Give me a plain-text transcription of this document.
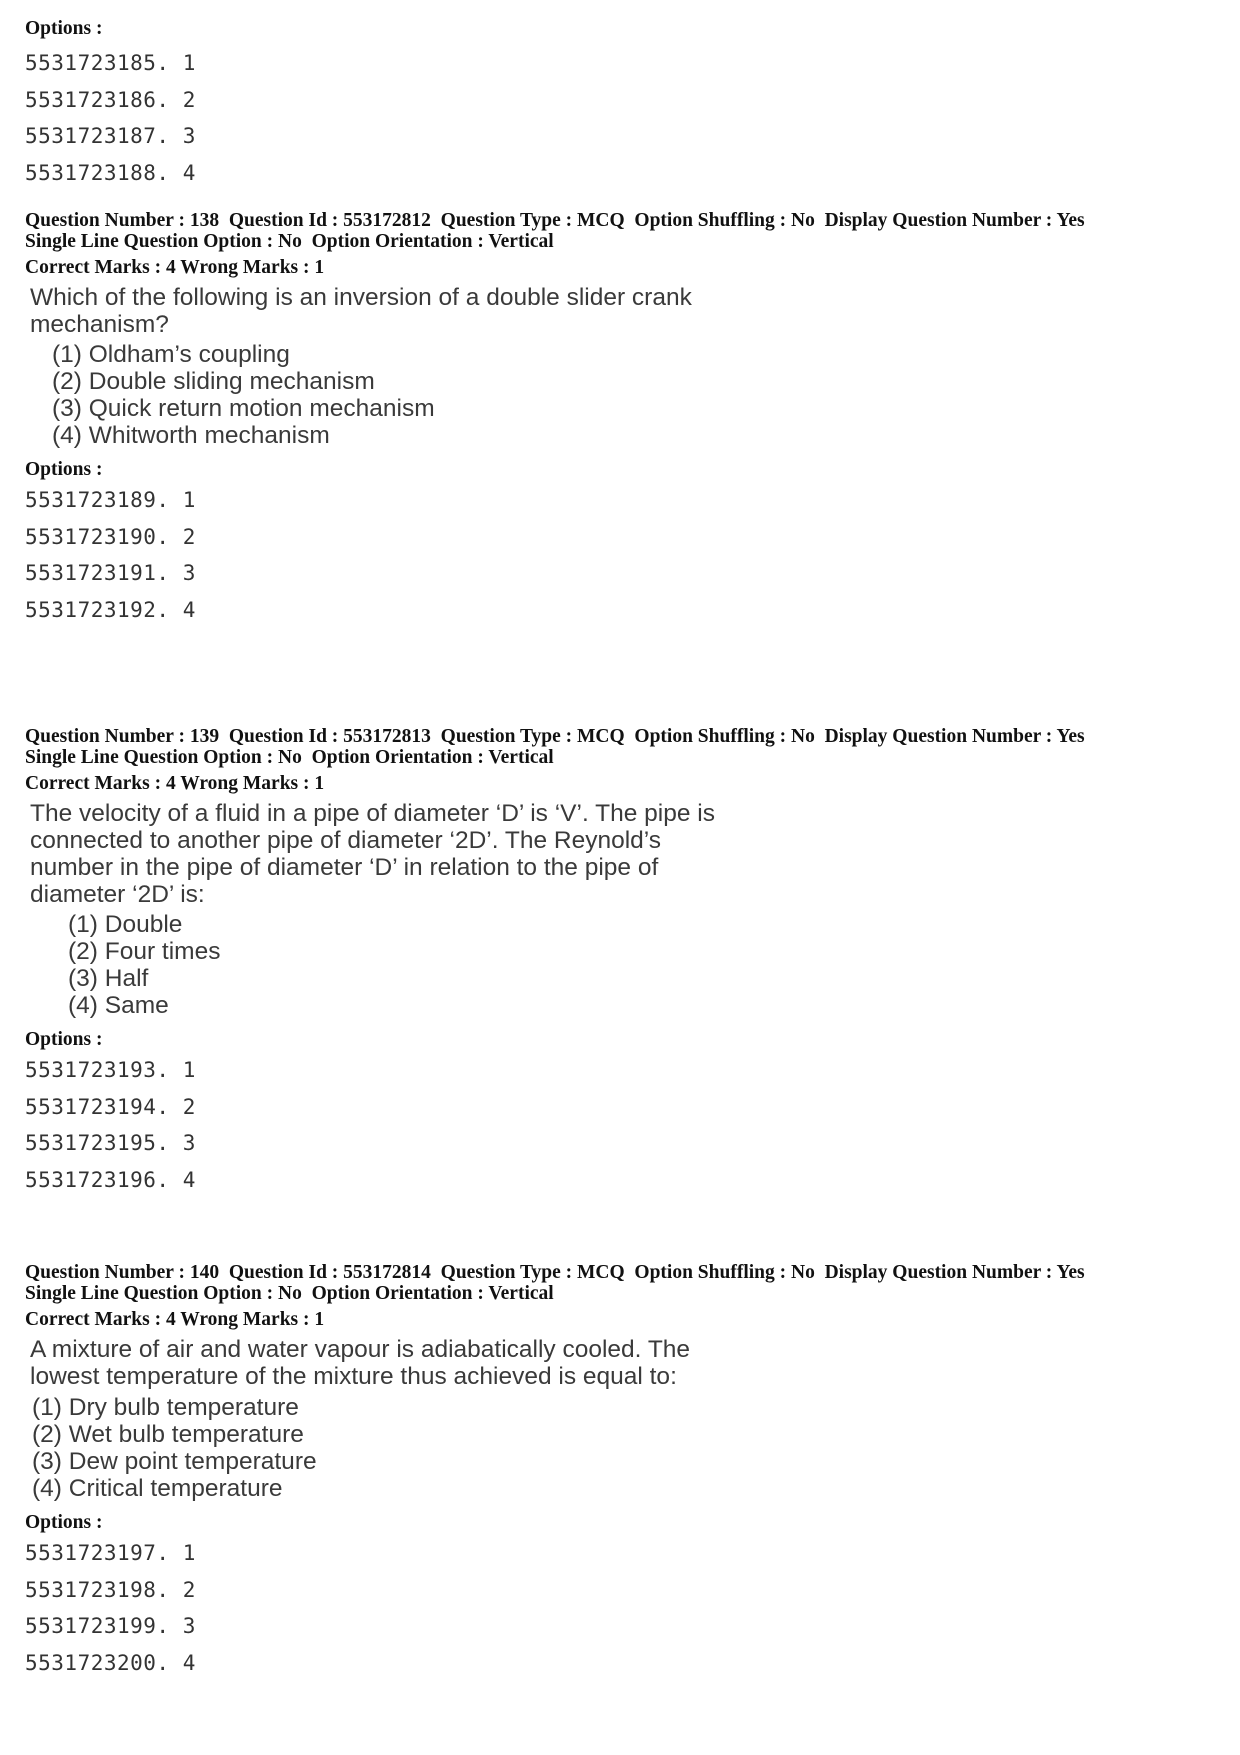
Options :
5531723185. 1
5531723186. 2
5531723187. 3
5531723188. 4
Question Number : 138  Question Id : 553172812  Question Type : MCQ  Option Shuffling : No  Display Question Number : Yes
Single Line Question Option : No  Option Orientation : Vertical
Correct Marks : 4 Wrong Marks : 1
Which of the following is an inversion of a double slider crank
mechanism?
(1) Oldham’s coupling
(2) Double sliding mechanism
(3) Quick return motion mechanism
(4) Whitworth mechanism
Options :
5531723189. 1
5531723190. 2
5531723191. 3
5531723192. 4
Question Number : 139  Question Id : 553172813  Question Type : MCQ  Option Shuffling : No  Display Question Number : Yes
Single Line Question Option : No  Option Orientation : Vertical
Correct Marks : 4 Wrong Marks : 1
The velocity of a fluid in a pipe of diameter ‘D’ is ‘V’. The pipe is
connected to another pipe of diameter ‘2D’. The Reynold’s
number in the pipe of diameter ‘D’ in relation to the pipe of
diameter ‘2D’ is:
(1) Double
(2) Four times
(3) Half
(4) Same
Options :
5531723193. 1
5531723194. 2
5531723195. 3
5531723196. 4
Question Number : 140  Question Id : 553172814  Question Type : MCQ  Option Shuffling : No  Display Question Number : Yes
Single Line Question Option : No  Option Orientation : Vertical
Correct Marks : 4 Wrong Marks : 1
A mixture of air and water vapour is adiabatically cooled. The
lowest temperature of the mixture thus achieved is equal to:
(1) Dry bulb temperature
(2) Wet bulb temperature
(3) Dew point temperature
(4) Critical temperature
Options :
5531723197. 1
5531723198. 2
5531723199. 3
5531723200. 4
